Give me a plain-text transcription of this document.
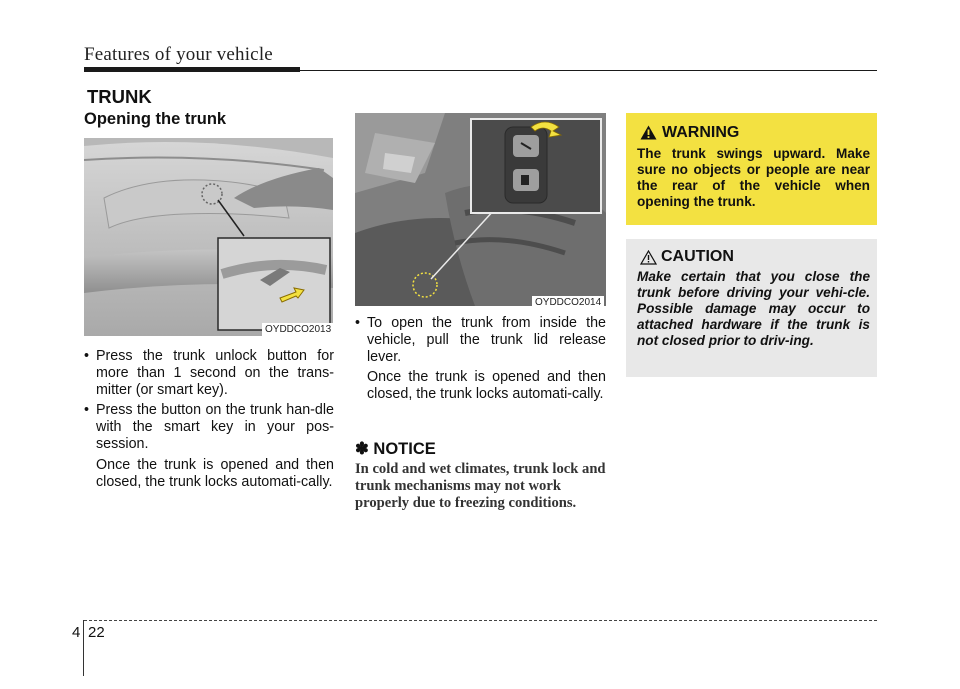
Features of your vehicle
TRUNK
Opening the trunk
OYDDCO2013
OYDDCO2014
• Press the trunk unlock button for more than 1 second on the trans-mitter (or smart key).
• Press the button on the trunk han-dle with the smart key in your pos-session.

Once the trunk is opened and then closed, the trunk locks automati-cally.

• To open the trunk from inside the vehicle, pull the trunk lid release lever.

Once the trunk is opened and then closed, the trunk locks automati-cally.

✽ NOTICE
In cold and wet climates, trunk lock and trunk mechanisms may not work properly due to freezing conditions.
WARNING
The trunk swings upward. Make sure no objects or people are near the rear of the vehicle when opening the trunk.
CAUTION
Make certain that you close the trunk before driving your vehi-cle. Possible damage may occur to attached hardware if the trunk is not closed prior to driv-ing.
4 22
